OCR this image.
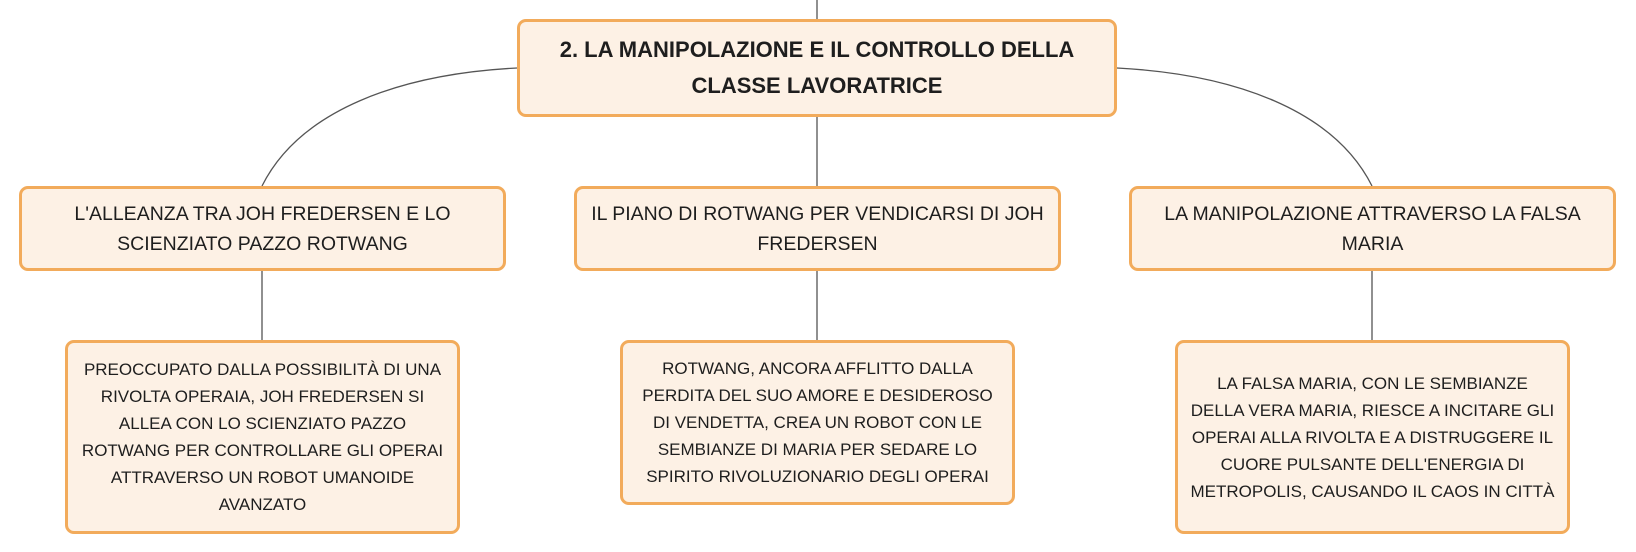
2. LA MANIPOLAZIONE E IL CONTROLLO DELLA CLASSE LAVORATRICE
L'ALLEANZA TRA JOH FREDERSEN E LO SCIENZIATO PAZZO ROTWANG
IL PIANO DI ROTWANG PER VENDICARSI DI JOH FREDERSEN
LA MANIPOLAZIONE ATTRAVERSO LA FALSA MARIA
PREOCCUPATO DALLA POSSIBILITÀ DI UNA RIVOLTA OPERAIA, JOH FREDERSEN SI ALLEA CON LO SCIENZIATO PAZZO ROTWANG PER CONTROLLARE GLI OPERAI ATTRAVERSO UN ROBOT UMANOIDE AVANZATO
ROTWANG, ANCORA AFFLITTO DALLA PERDITA DEL SUO AMORE E DESIDEROSO DI VENDETTA, CREA UN ROBOT CON LE SEMBIANZE DI MARIA PER SEDARE LO SPIRITO RIVOLUZIONARIO DEGLI OPERAI
LA FALSA MARIA, CON LE SEMBIANZE DELLA VERA MARIA, RIESCE A INCITARE GLI OPERAI ALLA RIVOLTA E A DISTRUGGERE IL CUORE PULSANTE DELL'ENERGIA DI METROPOLIS, CAUSANDO IL CAOS IN CITTÀ
